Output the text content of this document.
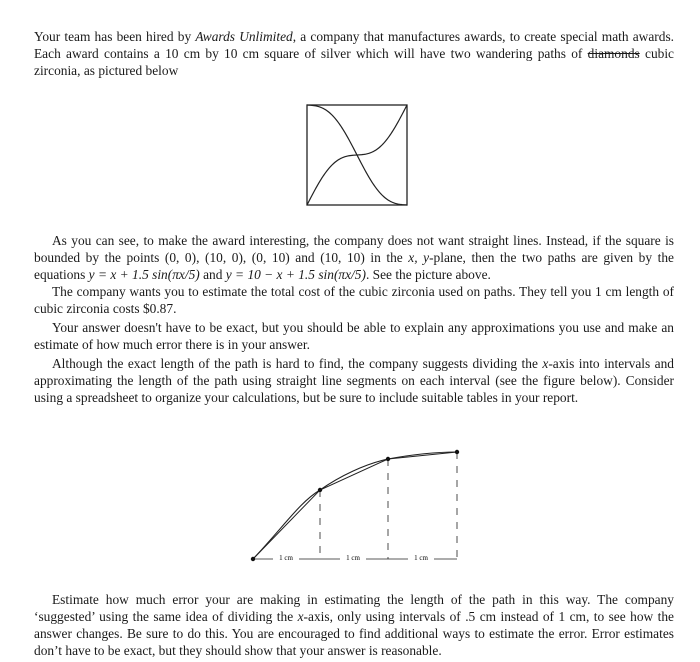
Your team has been hired by Awards Unlimited, a company that manufactures awards, to create special math awards. Each award contains a 10 cm by 10 cm square of silver which will have two wandering paths of diamonds cubic zirconia, as pictured below

As you can see, to make the award interesting, the company does not want straight lines. Instead, if the square is bounded by the points (0, 0), (10, 0), (0, 10) and (10, 10) in the x, y-plane, then the two paths are given by the equations y = x + 1.5 sin(πx/5) and y = 10 − x + 1.5 sin(πx/5). See the picture above.

The company wants you to estimate the total cost of the cubic zirconia used on paths. They tell you 1 cm length of cubic zirconia costs $0.87.

Your answer doesn't have to be exact, but you should be able to explain any approximations you use and make an estimate of how much error there is in your answer.

Although the exact length of the path is hard to find, the company suggests dividing the x-axis into intervals and approximating the length of the path using straight line segments on each interval (see the figure below). Consider using a spreadsheet to organize your calculations, but be sure to include suitable tables in your report.

1 cm	1 cm	1 cm

Estimate how much error your are making in estimating the length of the path in this way. The company ‘suggested’ using the same idea of dividing the x-axis, only using intervals of .5 cm instead of 1 cm, to see how the answer changes. Be sure to do this. You are encouraged to find additional ways to estimate the error. Error estimates don’t have to be exact, but they should show that your answer is reasonable.
